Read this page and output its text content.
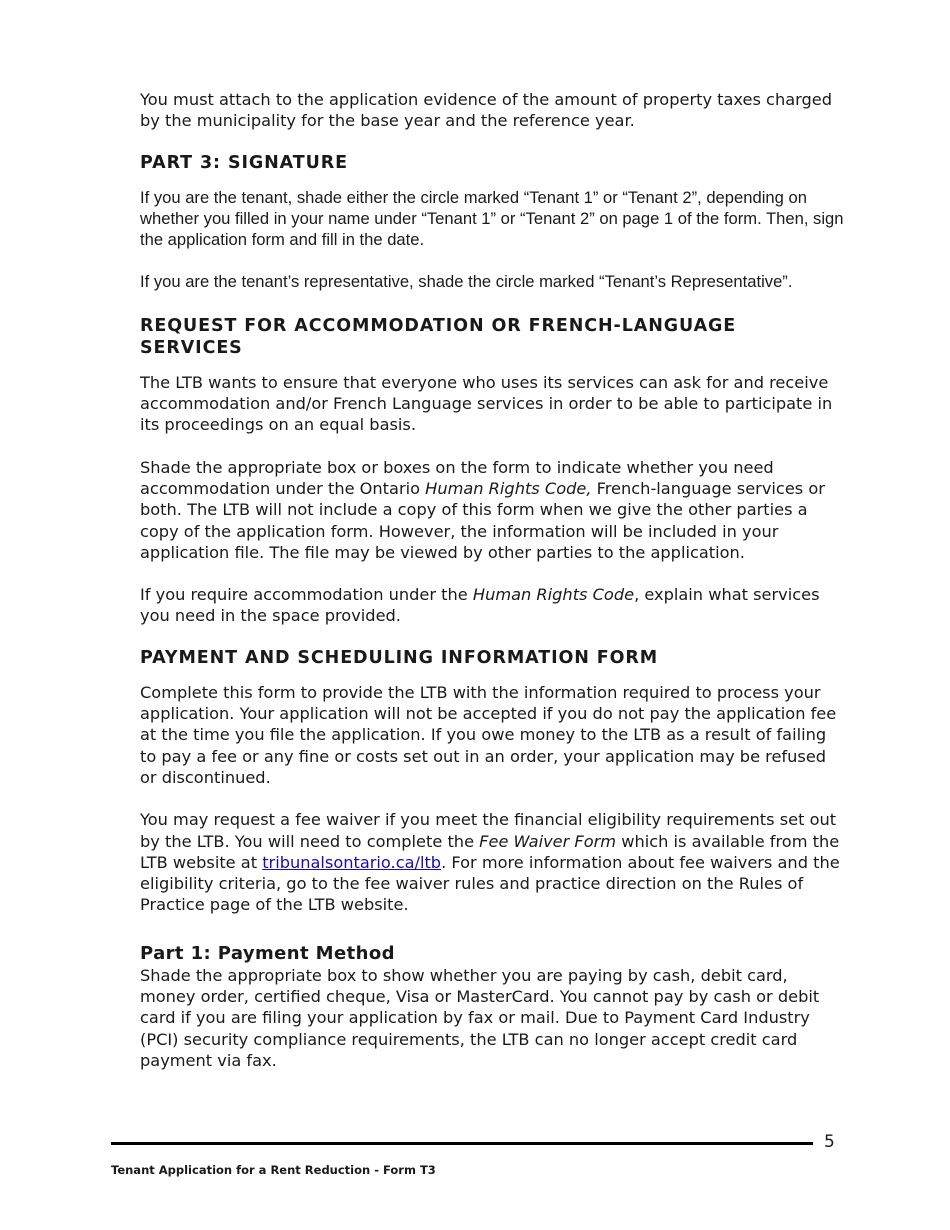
You must attach to the application evidence of the amount of property taxes charged by the municipality for the base year and the reference year.

PART 3: SIGNATURE

If you are the tenant, shade either the circle marked “Tenant 1” or “Tenant 2”, depending on whether you filled in your name under “Tenant 1” or “Tenant 2” on page 1 of the form. Then, sign the application form and fill in the date.

If you are the tenant’s representative, shade the circle marked “Tenant’s Representative”.

REQUEST FOR ACCOMMODATION OR FRENCH-LANGUAGE SERVICES

The LTB wants to ensure that everyone who uses its services can ask for and receive accommodation and/or French Language services in order to be able to participate in its proceedings on an equal basis.

Shade the appropriate box or boxes on the form to indicate whether you need accommodation under the Ontario Human Rights Code, French-language services or both. The LTB will not include a copy of this form when we give the other parties a copy of the application form. However, the information will be included in your application file. The file may be viewed by other parties to the application.

If you require accommodation under the Human Rights Code, explain what services you need in the space provided.

PAYMENT AND SCHEDULING INFORMATION FORM

Complete this form to provide the LTB with the information required to process your application. Your application will not be accepted if you do not pay the application fee at the time you file the application. If you owe money to the LTB as a result of failing to pay a fee or any fine or costs set out in an order, your application may be refused or discontinued.

You may request a fee waiver if you meet the financial eligibility requirements set out by the LTB. You will need to complete the Fee Waiver Form which is available from the LTB website at tribunalsontario.ca/ltb. For more information about fee waivers and the eligibility criteria, go to the fee waiver rules and practice direction on the Rules of Practice page of the LTB website.

Part 1: Payment Method

Shade the appropriate box to show whether you are paying by cash, debit card, money order, certified cheque, Visa or MasterCard. You cannot pay by cash or debit card if you are filing your application by fax or mail. Due to Payment Card Industry (PCI) security compliance requirements, the LTB can no longer accept credit card payment via fax.

5
Tenant Application for a Rent Reduction - Form T3
